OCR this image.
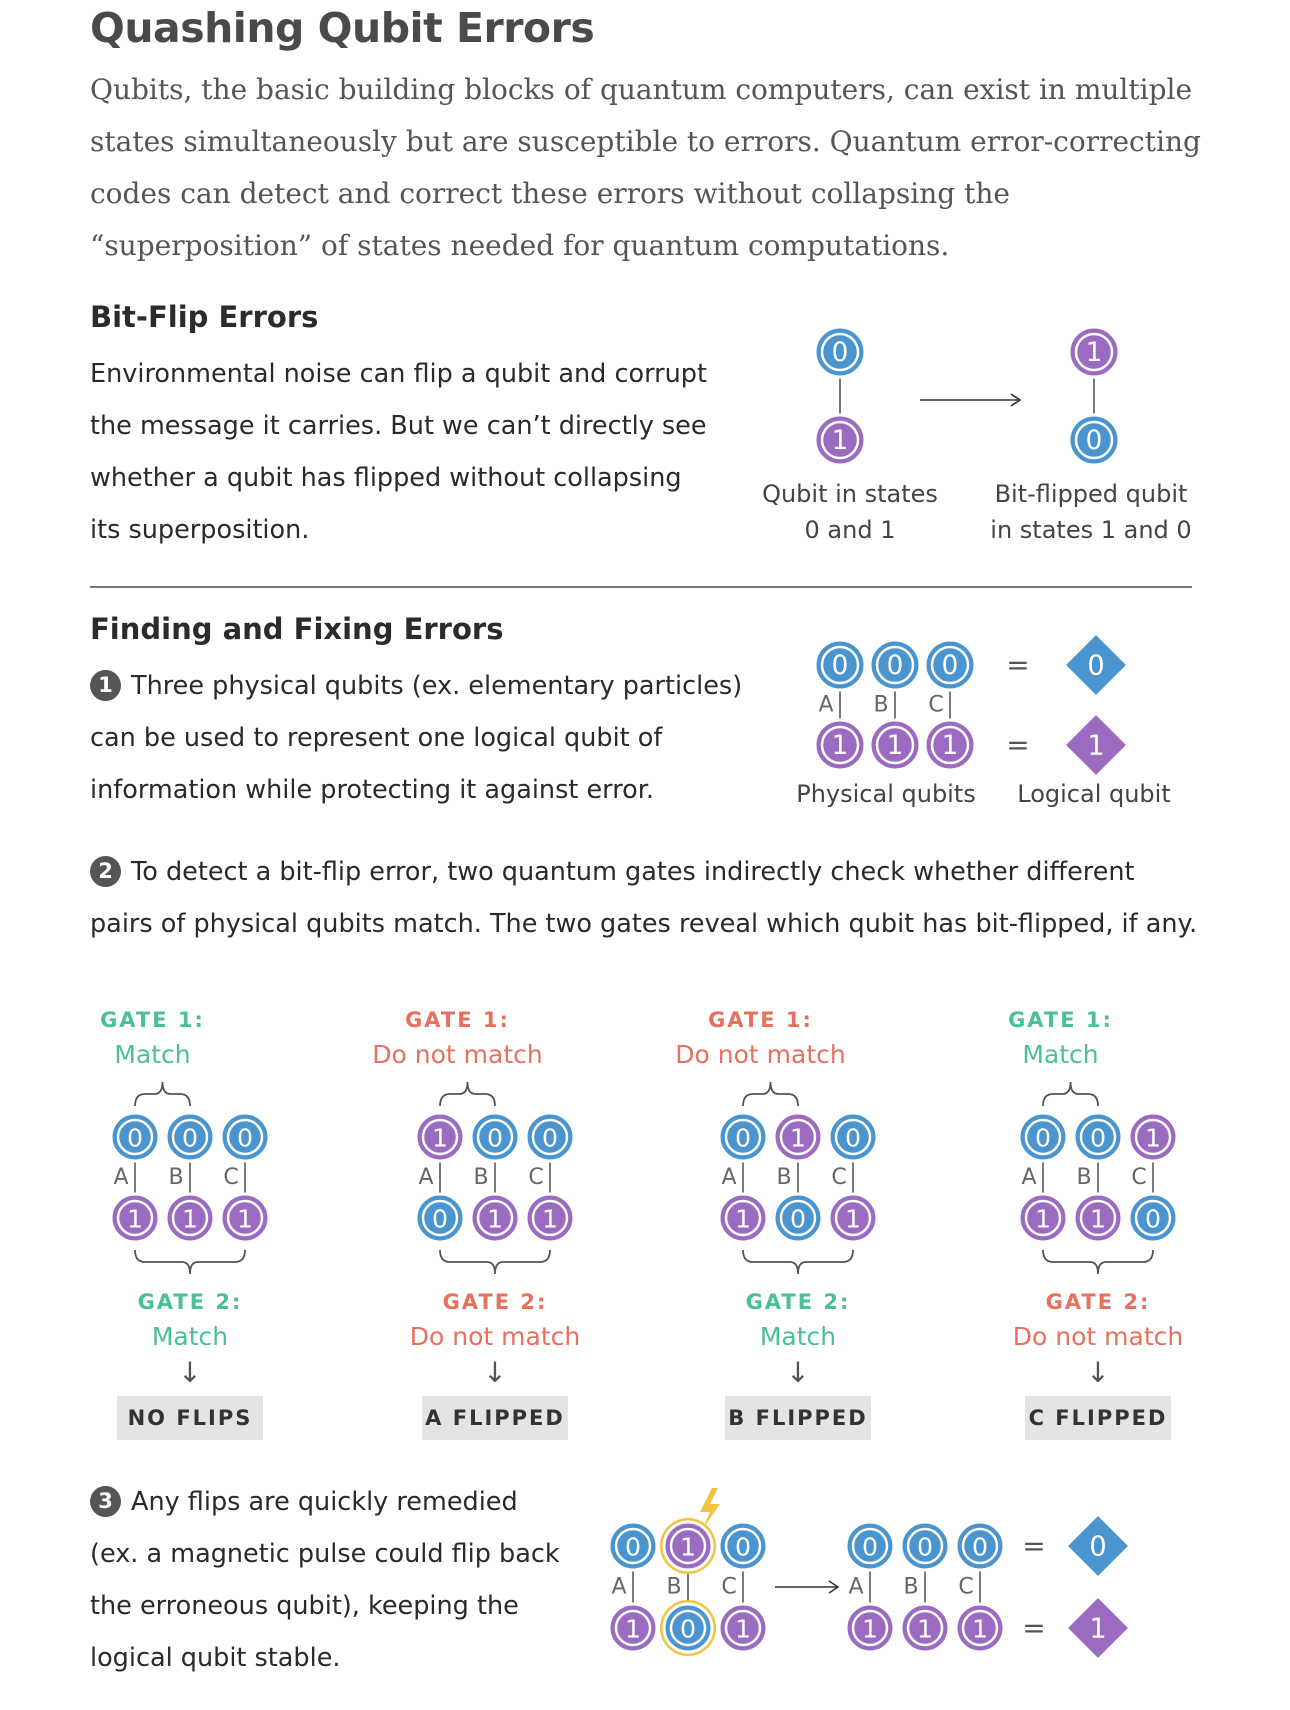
Quashing Qubit Errors

Qubits, the basic building blocks of quantum computers, can exist in multiple states simultaneously but are susceptible to errors. Quantum error-correcting codes can detect and correct these errors without collapsing the “superposition” of states needed for quantum computations.

Bit-Flip Errors

Environmental noise can flip a qubit and corrupt the message it carries. But we can’t directly see whether a qubit has flipped without collapsing its superposition.

Qubit in states
0 and 1
Bit-flipped qubit
in states 1 and 0
Finding and Fixing Errors

1 Three physical qubits (ex. elementary particles) can be used to represent one logical qubit of information while protecting it against error.	Physical qubits	Logical qubit

2 To detect a bit-flip error, two quantum gates indirectly check whether different pairs of physical qubits match. The two gates reveal which qubit has bit-flipped, if any.

GATE 1:
Match
GATE 2:
Match
↓
NO FLIPS
GATE 1:
Do not match
GATE 2:
Do not match
↓
A FLIPPED
GATE 1:
Do not match
GATE 2:
Match
↓
B FLIPPED
GATE 1:
Match
GATE 2:
Do not match
↓
C FLIPPED

3 Any flips are quickly remedied (ex. a magnetic pulse could flip back the erroneous qubit), keeping the logical qubit stable.

0
1
1
0
A B C
0
1
0
1
0
1
=
=
0
1
A B C
0
1
0
1
0
1
A B C
1
0
0
1
0
1
A B C
0
1
1
0
0
1
A B C
0
1
0
1
1
0
A B C
0
1
1
0
0
1
A B C
0
1
0
1
0
1
=
=
0
1
